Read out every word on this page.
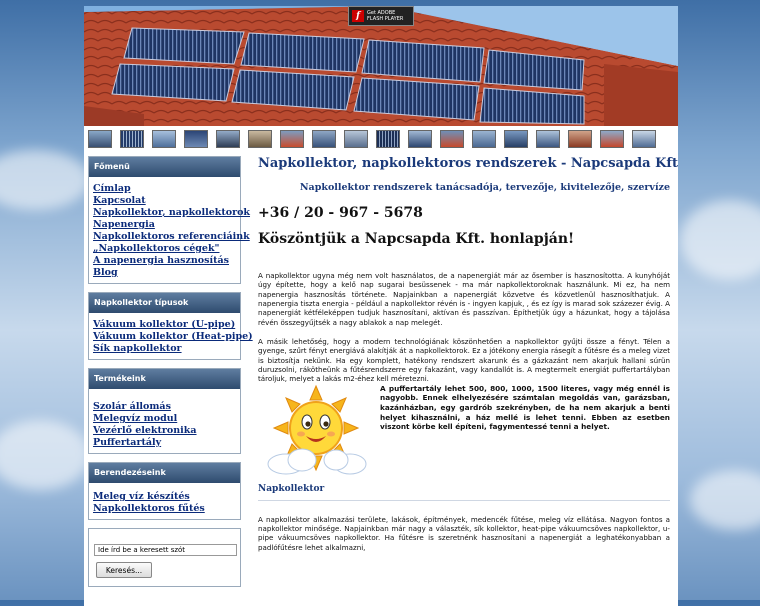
f	Get ADOBE
FLASH PLAYER
Főmenü
Címlap
Kapcsolat
Napkollektor, napkollektorok
Napenergia
Napkollektoros referenciáink
„Napkollektoros cégek"
A napenergia hasznosítás
Blog
Napkollektor típusok
Vákuum kollektor (U-pipe)
Vákuum kollektor (Heat-pipe)
Sík napkollektor
Termékeink
Szolár állomás
Melegvíz modul
Vezérlő elektronika
Puffertartály
Berendezéseink
Meleg víz készítés
Napkollektoros fűtés
Ide írd be a keresett szót Keresés...
Napkollektor, napkollektoros rendszerek - Napcsapda Kft
Napkollektor rendszerek tanácsadója, tervezője, kivitelezője, szervíze
+36 / 20 - 967 - 5678
Köszöntjük a Napcsapda Kft. honlapján!

A napkollektor ugyna még nem volt használatos, de a napenergiát már az ősember is hasznosította. A kunyhóját úgy építette, hogy a kelő nap sugarai besüssenek - ma már napkollektoroknak használunk. Mi ez, ha nem napenergia hasznosítás története. Napjainkban a napenergiát közvetve és közvetlenül hasznosíthatjuk. A napenergia tiszta energia - például a napkollektor révén is - ingyen kapjuk, , és ez így is marad sok százezer évig. A napenergiát kétféleképpen tudjuk hasznosítani, aktívan és passzívan. Építhetjük úgy a házunkat, hogy a tájolása révén összegyűjtsék a nagy ablakok a nap melegét.

A másik lehetőség, hogy a modern technológiának köszönhetően a napkollektor gyűjti össze a fényt. Télen a gyenge, szűrt fényt energiává alakítják át a napkollektorok. Ez a jótékony energia rásegít a fűtésre és a meleg vizet is biztosítja nekünk. Ha egy komplett, hatékony rendszert akarunk és a gázkazánt nem akarjuk hallani súrün duruzsolni, rákötheünk a fűtésrendszerre egy fakazánt, vagy kandallót is. A megtermelt energiát puffertartályban tároljuk, melyet a lakás m2-éhez kell méretezni.

A puffertartály lehet 500, 800, 1000, 1500 literes, vagy még ennél is nagyobb. Ennek elhelyezésére számtalan megoldás van, garázsban, kazánházban, egy gardrób szekrényben, de ha nem akarjuk a benti helyet kihasználni, a ház mellé is lehet tenni. Ebben az esetben viszont körbe kell építeni, fagymentessé tenni a helyet.

Napkollektor

A napkollektor alkalmazási területe, lakások, építmények, medencék fűtése, meleg víz ellátása. Nagyon fontos a napkollektor minősége. Napjainkban már nagy a választék, sík kollektor, heat-pipe vákuumcsöves napkollektor, u-pipe vákuumcsöves napkollektor. Ha fűtésre is szeretnénk hasznosítani a napenergiát a leghatékonyabban a padlófűtésre lehet alkalmazni,
